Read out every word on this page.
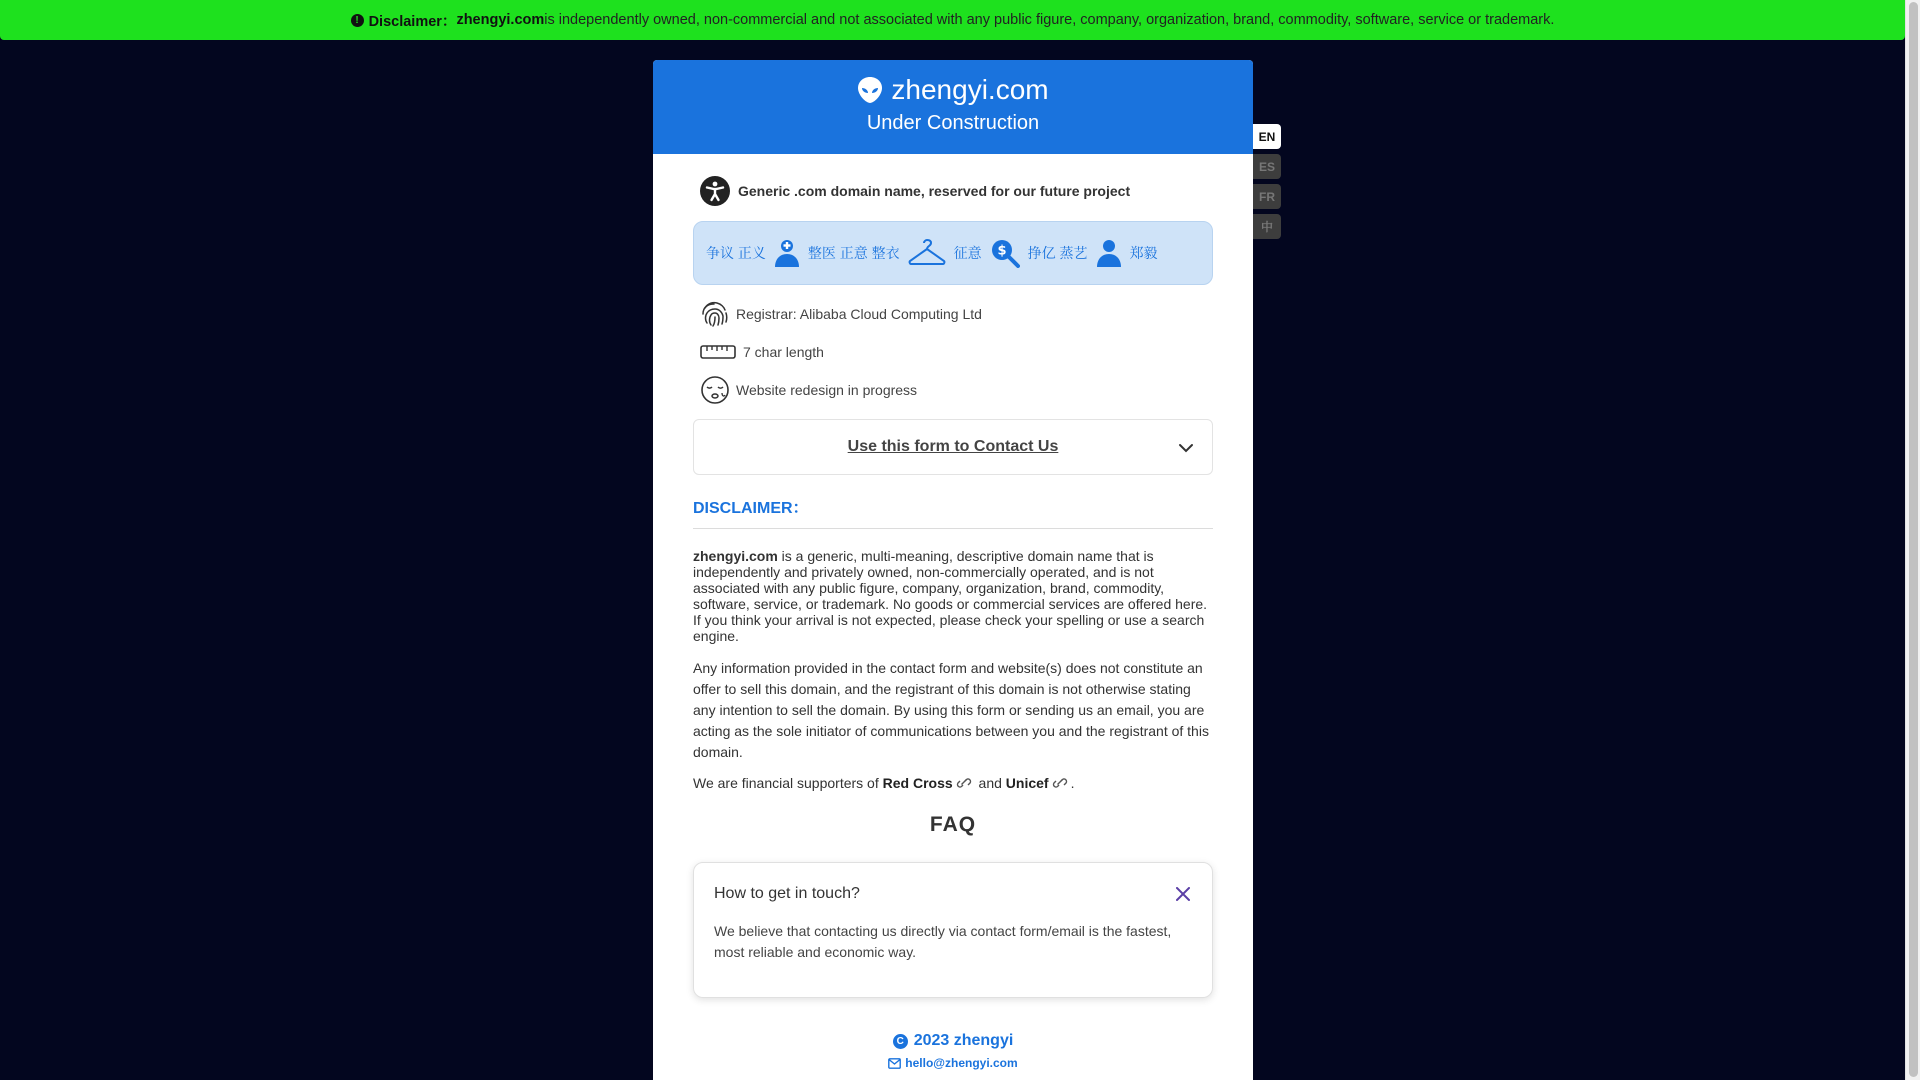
! Disclaimer： zhengyi.com is independently owned, non-commercial and not associated with any public figure, company, organization, brand, commodity, software, service or trademark.
zhengyi.com
Under Construction
Generic .com domain name, reserved for our future project
争议 正义	整医 正意 整衣	征意 $ 挣亿 蒸艺	郑毅
Registrar: Alibaba Cloud Computing Ltd
7 char length
Website redesign in progress
Use this form to Contact Us
DISCLAIMER：

zhengyi.com is a generic, multi-meaning, descriptive domain name that is independently and privately owned, non-commercially operated, and is not associated with any public figure, company, organization, brand, commodity, software, service, or trademark. No goods or commercial services are offered here. If you think your arrival is not expected, please check your spelling or use a search engine.

Any information provided in the contact form and website(s) does not constitute an offer to sell this domain, and the registrant of this domain is not otherwise stating any intention to sell the domain. By using this form or sending us an email, you are acting as the sole initiator of communications between you and the registrant of this domain.

We are financial supporters of Red Cross and Unicef .

FAQ
How to get in touch?
We believe that contacting us directly via contact form/email is the fastest, most reliable and economic way.
C 2023 zhengyi
hello@zhengyi.com
EN
ES
FR
中
